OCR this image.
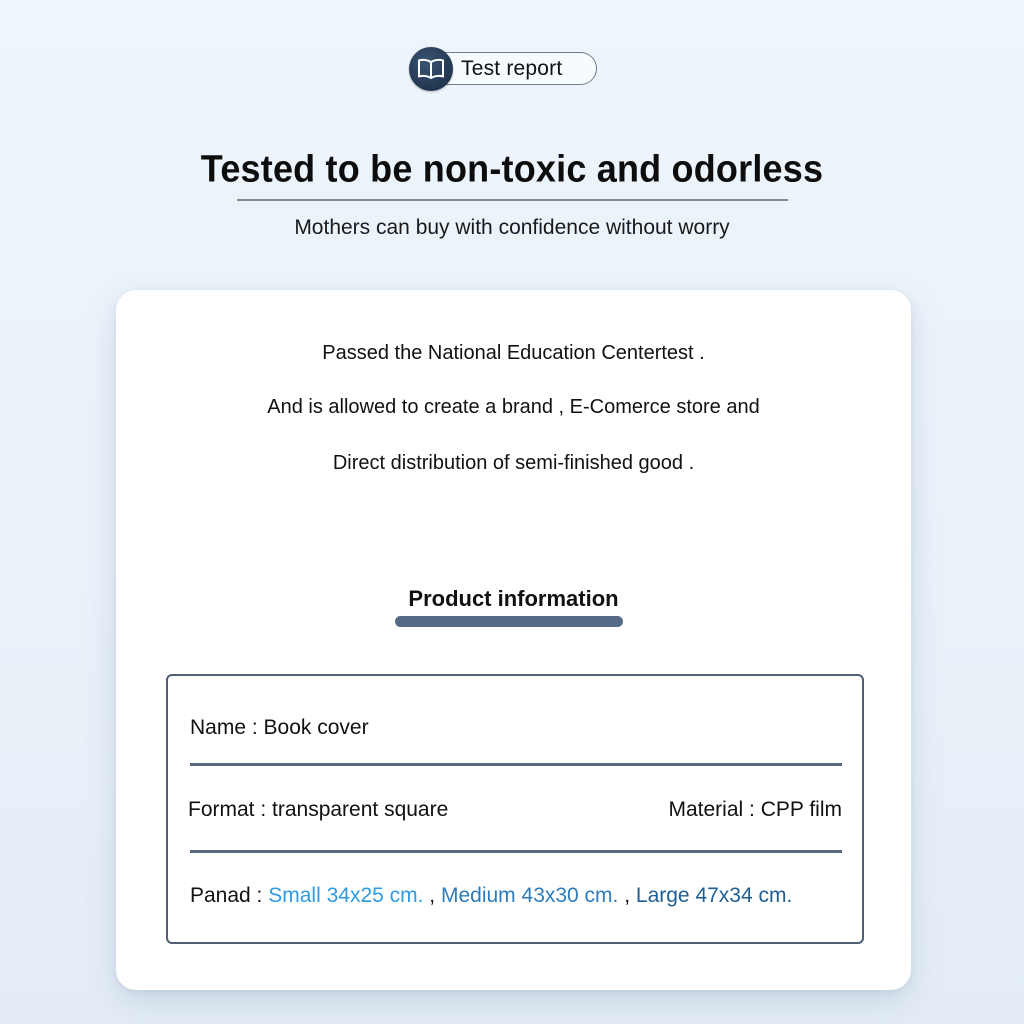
Test report
Tested to be non-toxic and odorless
Mothers can buy with confidence without worry
Passed the National Education Centertest .
And is allowed to create a brand , E-Comerce store and
Direct distribution of semi-finished good .
Product information
Name : Book cover
Format : transparent square	Material : CPP film
Panad : Small 34x25 cm. , Medium 43x30 cm. , Large 47x34 cm.
